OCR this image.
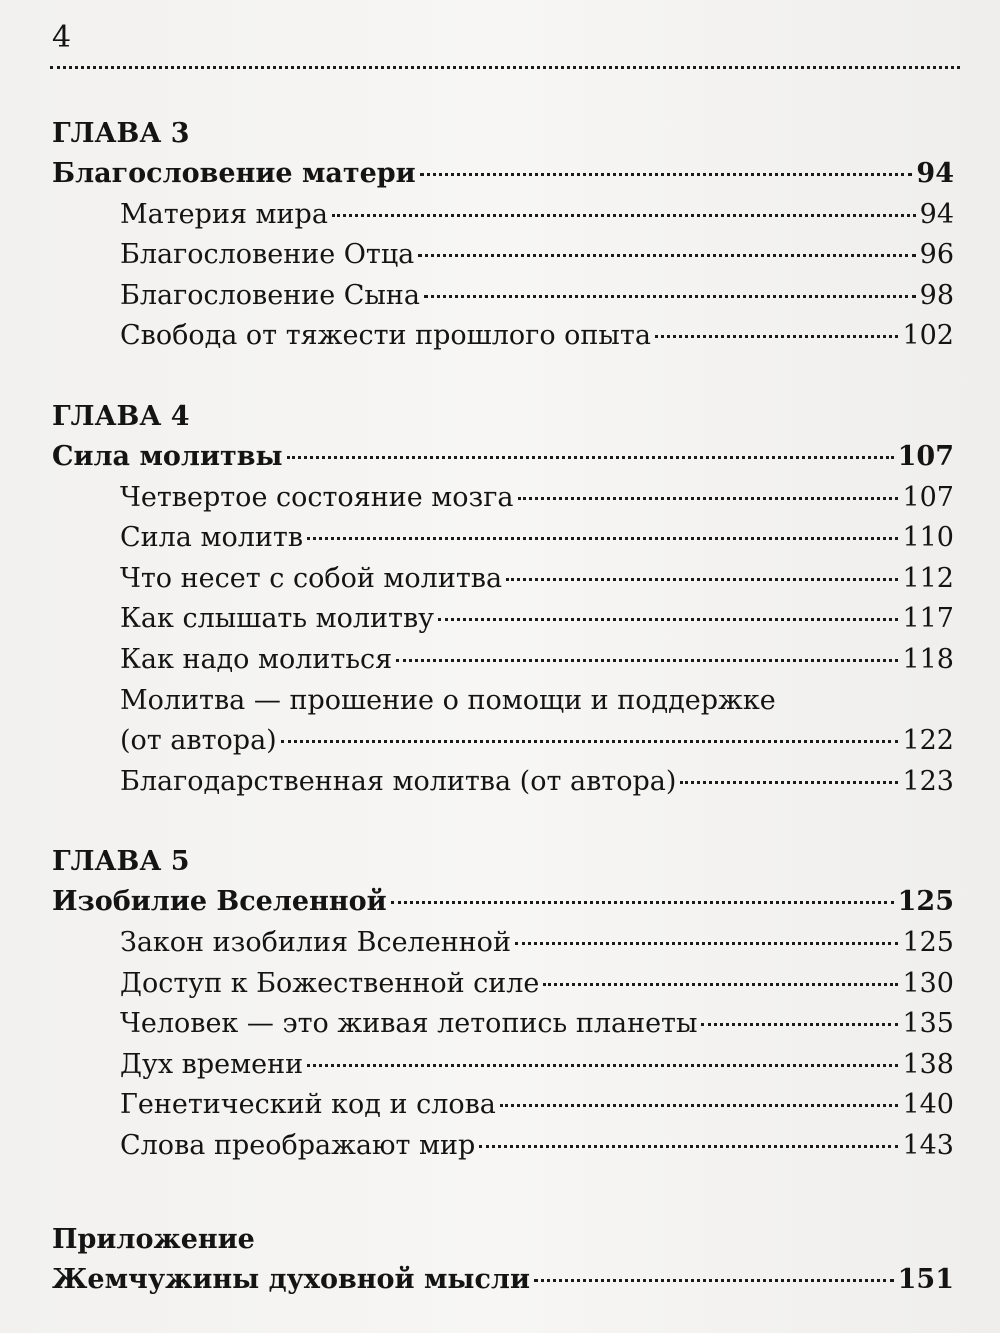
4
ГЛАВА 3
Благословение матери	94
Материя мира	94
Благословение Отца	96
Благословение Сына	98
Свобода от тяжести прошлого опыта	102
ГЛАВА 4
Сила молитвы	107
Четвертое состояние мозга	107
Сила молитв	110
Что несет с собой молитва	112
Как слышать молитву	117
Как надо молиться	118
Молитва — прошение о помощи и поддержке
(от автора)	122
Благодарственная молитва (от автора)	123
ГЛАВА 5
Изобилие Вселенной	125
Закон изобилия Вселенной	125
Доступ к Божественной силе	130
Человек — это живая летопись планеты	135
Дух времени	138
Генетический код и слова	140
Слова преображают мир	143
Приложение
Жемчужины духовной мысли	151
